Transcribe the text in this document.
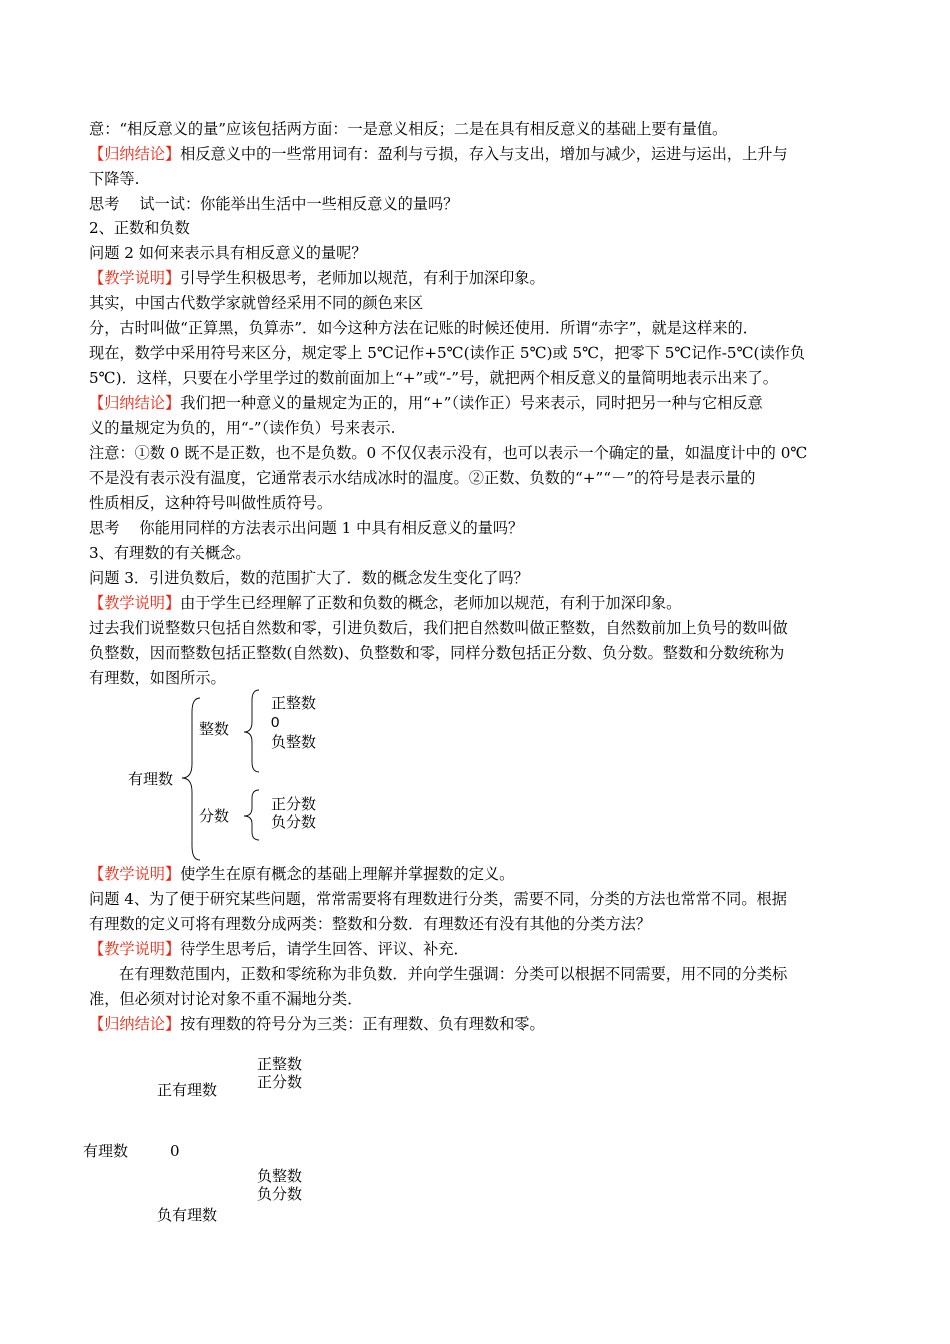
意：“相反意义的量”应该包括两方面：一是意义相反；二是在具有相反意义的基础上要有量值。
【归纳结论】相反意义中的一些常用词有：盈利与亏损，存入与支出，增加与减少，运进与运出，上升与
下降等.
思考　 试一试：你能举出生活中一些相反意义的量吗？
2、正数和负数
问题 2 如何来表示具有相反意义的量呢？
【教学说明】引导学生积极思考，老师加以规范，有利于加深印象。
其实，中国古代数学家就曾经采用不同的颜色来区
分，古时叫做“正算黑，负算赤”．如今这种方法在记账的时候还使用．所谓“赤字”，就是这样来的．
现在，数学中采用符号来区分，规定零上 5℃记作+5℃(读作正 5℃)或 5℃，把零下 5℃记作-5℃(读作负
5℃)．这样，只要在小学里学过的数前面加上“+”或“-”号，就把两个相反意义的量简明地表示出来了。
【归纳结论】我们把一种意义的量规定为正的，用“+”（读作正）号来表示，同时把另一种与它相反意
义的量规定为负的，用“-”（读作负）号来表示.
注意：①数 0 既不是正数，也不是负数。0 不仅仅表示没有，也可以表示一个确定的量，如温度计中的 0℃
不是没有表示没有温度，它通常表示水结成冰时的温度。②正数、负数的“+”“－”的符号是表示量的
性质相反，这种符号叫做性质符号。
思考　 你能用同样的方法表示出问题 1 中具有相反意义的量吗？
3、有理数的有关概念。
问题 3．引进负数后，数的范围扩大了．数的概念发生变化了吗？
【教学说明】由于学生已经理解了正数和负数的概念，老师加以规范，有利于加深印象。
过去我们说整数只包括自然数和零，引进负数后，我们把自然数叫做正整数，自然数前加上负号的数叫做
负整数，因而整数包括正整数(自然数)、负整数和零，同样分数包括正分数、负分数。整数和分数统称为
有理数，如图所示。
有理数
整数
分数
正整数
0
负整数
正分数
负分数
【教学说明】使学生在原有概念的基础上理解并掌握数的定义。
问题 4、为了便于研究某些问题，常常需要将有理数进行分类，需要不同，分类的方法也常常不同。根据
有理数的定义可将有理数分成两类：整数和分数．有理数还有没有其他的分类方法？
【教学说明】待学生思考后，请学生回答、评议、补充．
在有理数范围内，正数和零统称为非负数．并向学生强调：分类可以根据不同需要，用不同的分类标
准，但必须对讨论对象不重不漏地分类．
【归纳结论】按有理数的符号分为三类：正有理数、负有理数和零。
正整数
正分数
正有理数
有理数	0
负整数
负分数
负有理数
